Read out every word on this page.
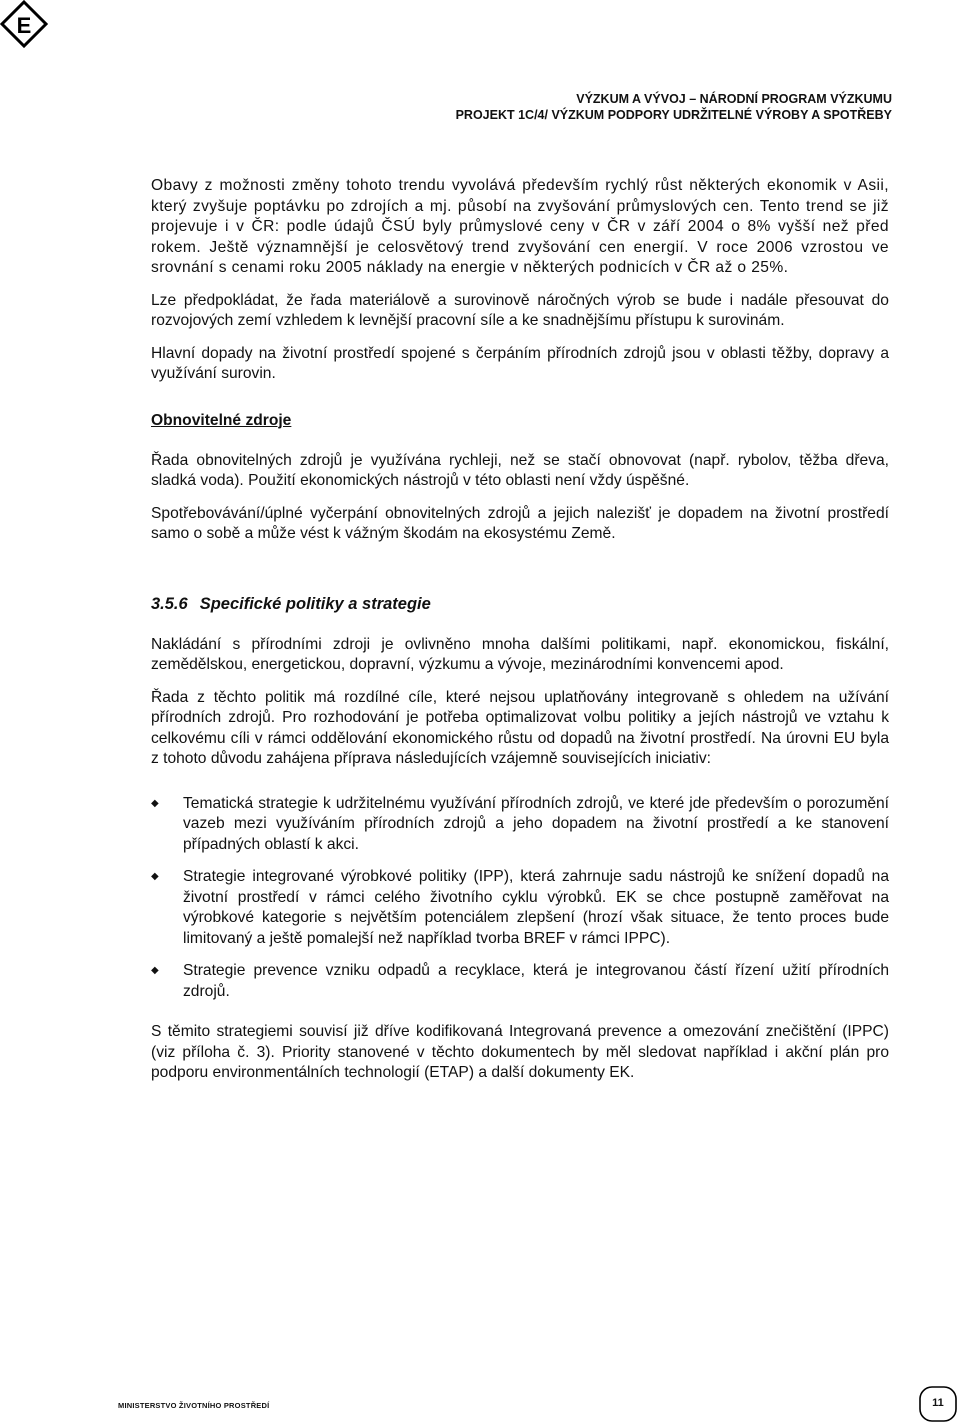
E
VÝZKUM A VÝVOJ – NÁRODNÍ PROGRAM VÝZKUMU
PROJEKT 1C/4/ VÝZKUM PODPORY UDRŽITELNÉ VÝROBY A SPOTŘEBY

Obavy z možnosti změny tohoto trendu vyvolává především rychlý růst některých ekonomik v Asii, který zvyšuje poptávku po zdrojích a mj. působí na zvyšování průmyslových cen. Tento trend se již projevuje i v ČR: podle údajů ČSÚ byly průmyslové ceny v ČR v září 2004 o 8% vyšší než před rokem. Ještě významnější je celosvětový trend zvyšování cen energií. V roce 2006 vzrostou ve srovnání s cenami roku 2005 náklady na energie v některých podnicích v ČR až o 25%.

Lze předpokládat, že řada materiálově a surovinově náročných výrob se bude i nadále přesouvat do rozvojových zemí vzhledem k levnější pracovní síle a ke snadnějšímu přístupu k surovinám.

Hlavní dopady na životní prostředí spojené s čerpáním přírodních zdrojů jsou v oblasti těžby, dopravy a využívání surovin.

Obnovitelné zdroje

Řada obnovitelných zdrojů je využívána rychleji, než se stačí obnovovat (např. rybolov, těžba dřeva, sladká voda). Použití ekonomických nástrojů v této oblasti není vždy úspěšné.

Spotřebovávání/úplné vyčerpání obnovitelných zdrojů a jejich nalezišť je dopadem na životní prostředí samo o sobě a může vést k vážným škodám na ekosystému Země.

3.5.6 Specifické politiky a strategie

Nakládání s přírodními zdroji je ovlivněno mnoha dalšími politikami, např. ekonomickou, fiskální, zemědělskou, energetickou, dopravní, výzkumu a vývoje, mezinárodními konvencemi apod.

Řada z těchto politik má rozdílné cíle, které nejsou uplatňovány integrovaně s ohledem na užívání přírodních zdrojů. Pro rozhodování je potřeba optimalizovat volbu politiky a jejích nástrojů ve vztahu k celkovému cíli v rámci oddělování ekonomického růstu od dopadů na životní prostředí. Na úrovni EU byla z tohoto důvodu zahájena příprava následujících vzájemně souvisejících iniciativ:

◆ Tematická strategie k udržitelnému využívání přírodních zdrojů, ve které jde především o porozumění vazeb mezi využíváním přírodních zdrojů a jeho dopadem na životní prostředí a ke stanovení případných oblastí k akci.

◆ Strategie integrované výrobkové politiky (IPP), která zahrnuje sadu nástrojů ke snížení dopadů na životní prostředí v rámci celého životního cyklu výrobků. EK se chce postupně zaměřovat na výrobkové kategorie s největším potenciálem zlepšení (hrozí však situace, že tento proces bude limitovaný a ještě pomalejší než například tvorba BREF v rámci IPPC).

◆ Strategie prevence vzniku odpadů a recyklace, která je integrovanou částí řízení užití přírodních zdrojů.

S těmito strategiemi souvisí již dříve kodifikovaná Integrovaná prevence a omezování znečištění (IPPC) (viz příloha č. 3). Priority stanovené v těchto dokumentech by měl sledovat například i akční plán pro podporu environmentálních technologií (ETAP) a další dokumenty EK.

MINISTERSTVO ŽIVOTNÍHO PROSTŘEDÍ	11
